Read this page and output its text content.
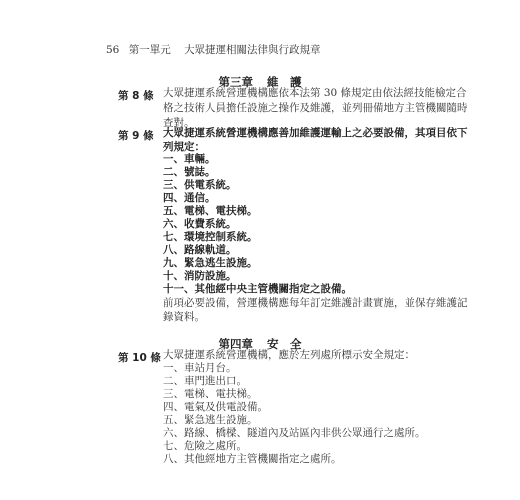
56 第一單元 大眾捷運相關法律與行政規章
第三章 維　護
第 8 條 大眾捷運系統營運機構應依本法第 30 條規定由依法經技能檢定合
格之技術人員擔任設施之操作及維護，並列冊備地方主管機關隨時
查對。
第 9 條 大眾捷運系統營運機構應善加維護運輸上之必要設備，其項目依下
列規定：
一、車輛。
二、號誌。
三、供電系統。
四、通信。
五、電梯、電扶梯。
六、收費系統。
七、環境控制系統。
八、路線軌道。
九、緊急逃生設施。
十、消防設施。
十一、其他經中央主管機關指定之設備。
前項必要設備，營運機構應每年訂定維護計畫實施，並保存維護記
錄資料。
第四章 安　全
第 10 條 大眾捷運系統營運機構，應於左列處所標示安全規定：
一、車站月台。
二、車門進出口。
三、電梯、電扶梯。
四、電氣及供電設備。
五、緊急逃生設施。
六、路線、橋樑、隧道內及站區內非供公眾通行之處所。
七、危險之處所。
八、其他經地方主管機關指定之處所。
